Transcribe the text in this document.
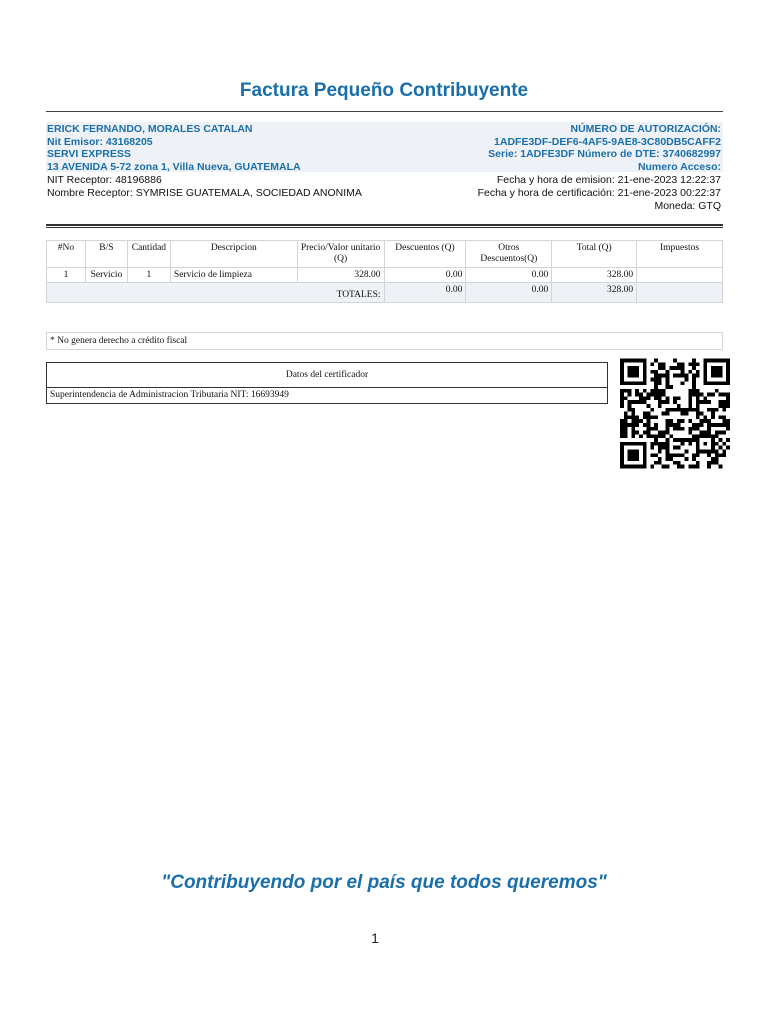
Factura Pequeño Contribuyente
ERICK FERNANDO, MORALES CATALAN
Nit Emisor: 43168205
SERVI EXPRESS
13 AVENIDA 5-72 zona 1, Villa Nueva, GUATEMALA
NÚMERO DE AUTORIZACIÓN:
1ADFE3DF-DEF6-4AF5-9AE8-3C80DB5CAFF2
Serie: 1ADFE3DF Número de DTE: 3740682997
Numero Acceso:
NIT Receptor: 48196886
Nombre Receptor: SYMRISE GUATEMALA, SOCIEDAD ANONIMA
Fecha y hora de emision: 21-ene-2023 12:22:37
Fecha y hora de certificación: 21-ene-2023 00:22:37
Moneda: GTQ
#No	B/S	Cantidad	Descripcion	Precio/Valor unitario (Q)	Descuentos (Q)	Otros Descuentos(Q)	Total (Q)	Impuestos
1	Servicio	1	Servicio de limpieza	328.00	0.00	0.00	328.00	
TOTALES:					0.00	0.00	328.00	
* No genera derecho a crédito fiscal
Datos del certificador
Superintendencia de Administracion Tributaria NIT: 16693949
"Contribuyendo por el país que todos queremos"
1
